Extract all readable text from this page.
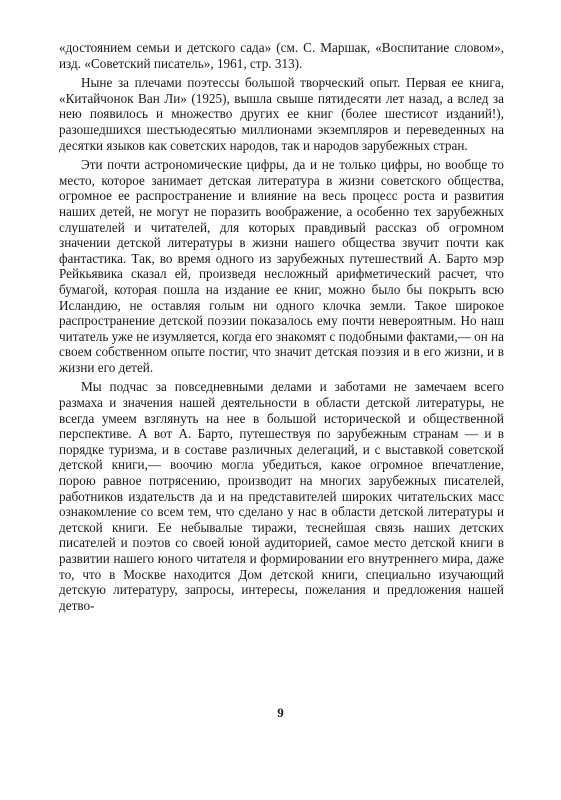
«достоянием семьи и детского сада» (см. С. Маршак, «Воспитание словом», изд. «Советский писатель», 1961, стр. 313).

Ныне за плечами поэтессы большой творческий опыт. Первая ее книга, «Китайчонок Ван Ли» (1925), вышла свыше пятидесяти лет назад, а вслед за нею появилось и множество других ее книг (более шестисот изданий!), разошедшихся шестьюдесятью миллионами экземпляров и переведенных на десятки языков как советских народов, так и народов зарубежных стран.

Эти почти астрономические цифры, да и не только цифры, но вообще то место, которое занимает детская литература в жизни советского общества, огромное ее распространение и влияние на весь процесс роста и развития наших детей, не могут не поразить воображение, а особенно тех зарубежных слушателей и читателей, для которых правдивый рассказ об огромном значении детской литературы в жизни нашего общества звучит почти как фантастика. Так, во время одного из зарубежных путешествий А. Барто мэр Рейкьявика сказал ей, произведя несложный арифметический расчет, что бумагой, которая пошла на издание ее книг, можно было бы покрыть всю Исландию, не оставляя голым ни одного клочка земли. Такое широкое распространение детской поэзии показалось ему почти невероятным. Но наш читатель уже не изумляется, когда его знакомят с подобными фактами,— он на своем собственном опыте постиг, что значит детская поэзия и в его жизни, и в жизни его детей.

Мы подчас за повседневными делами и заботами не замечаем всего размаха и значения нашей деятельности в области детской литературы, не всегда умеем взглянуть на нее в большой исторической и общественной перспективе. А вот А. Барто, путешествуя по зарубежным странам — и в порядке туризма, и в составе различных делегаций, и с выставкой советской детской книги,— воочию могла убедиться, какое огромное впечатление, порою равное потрясению, производит на многих зарубежных писателей, работников издательств да и на представителей широких читательских масс ознакомление со всем тем, что сделано у нас в области детской литературы и детской книги. Ее небывалые тиражи, теснейшая связь наших детских писателей и поэтов со своей юной аудиторией, самое место детской книги в развитии нашего юного читателя и формировании его внутреннего мира, даже то, что в Москве находится Дом детской книги, специально изучающий детскую литературу, запросы, интересы, пожелания и предложения нашей детво-

9
